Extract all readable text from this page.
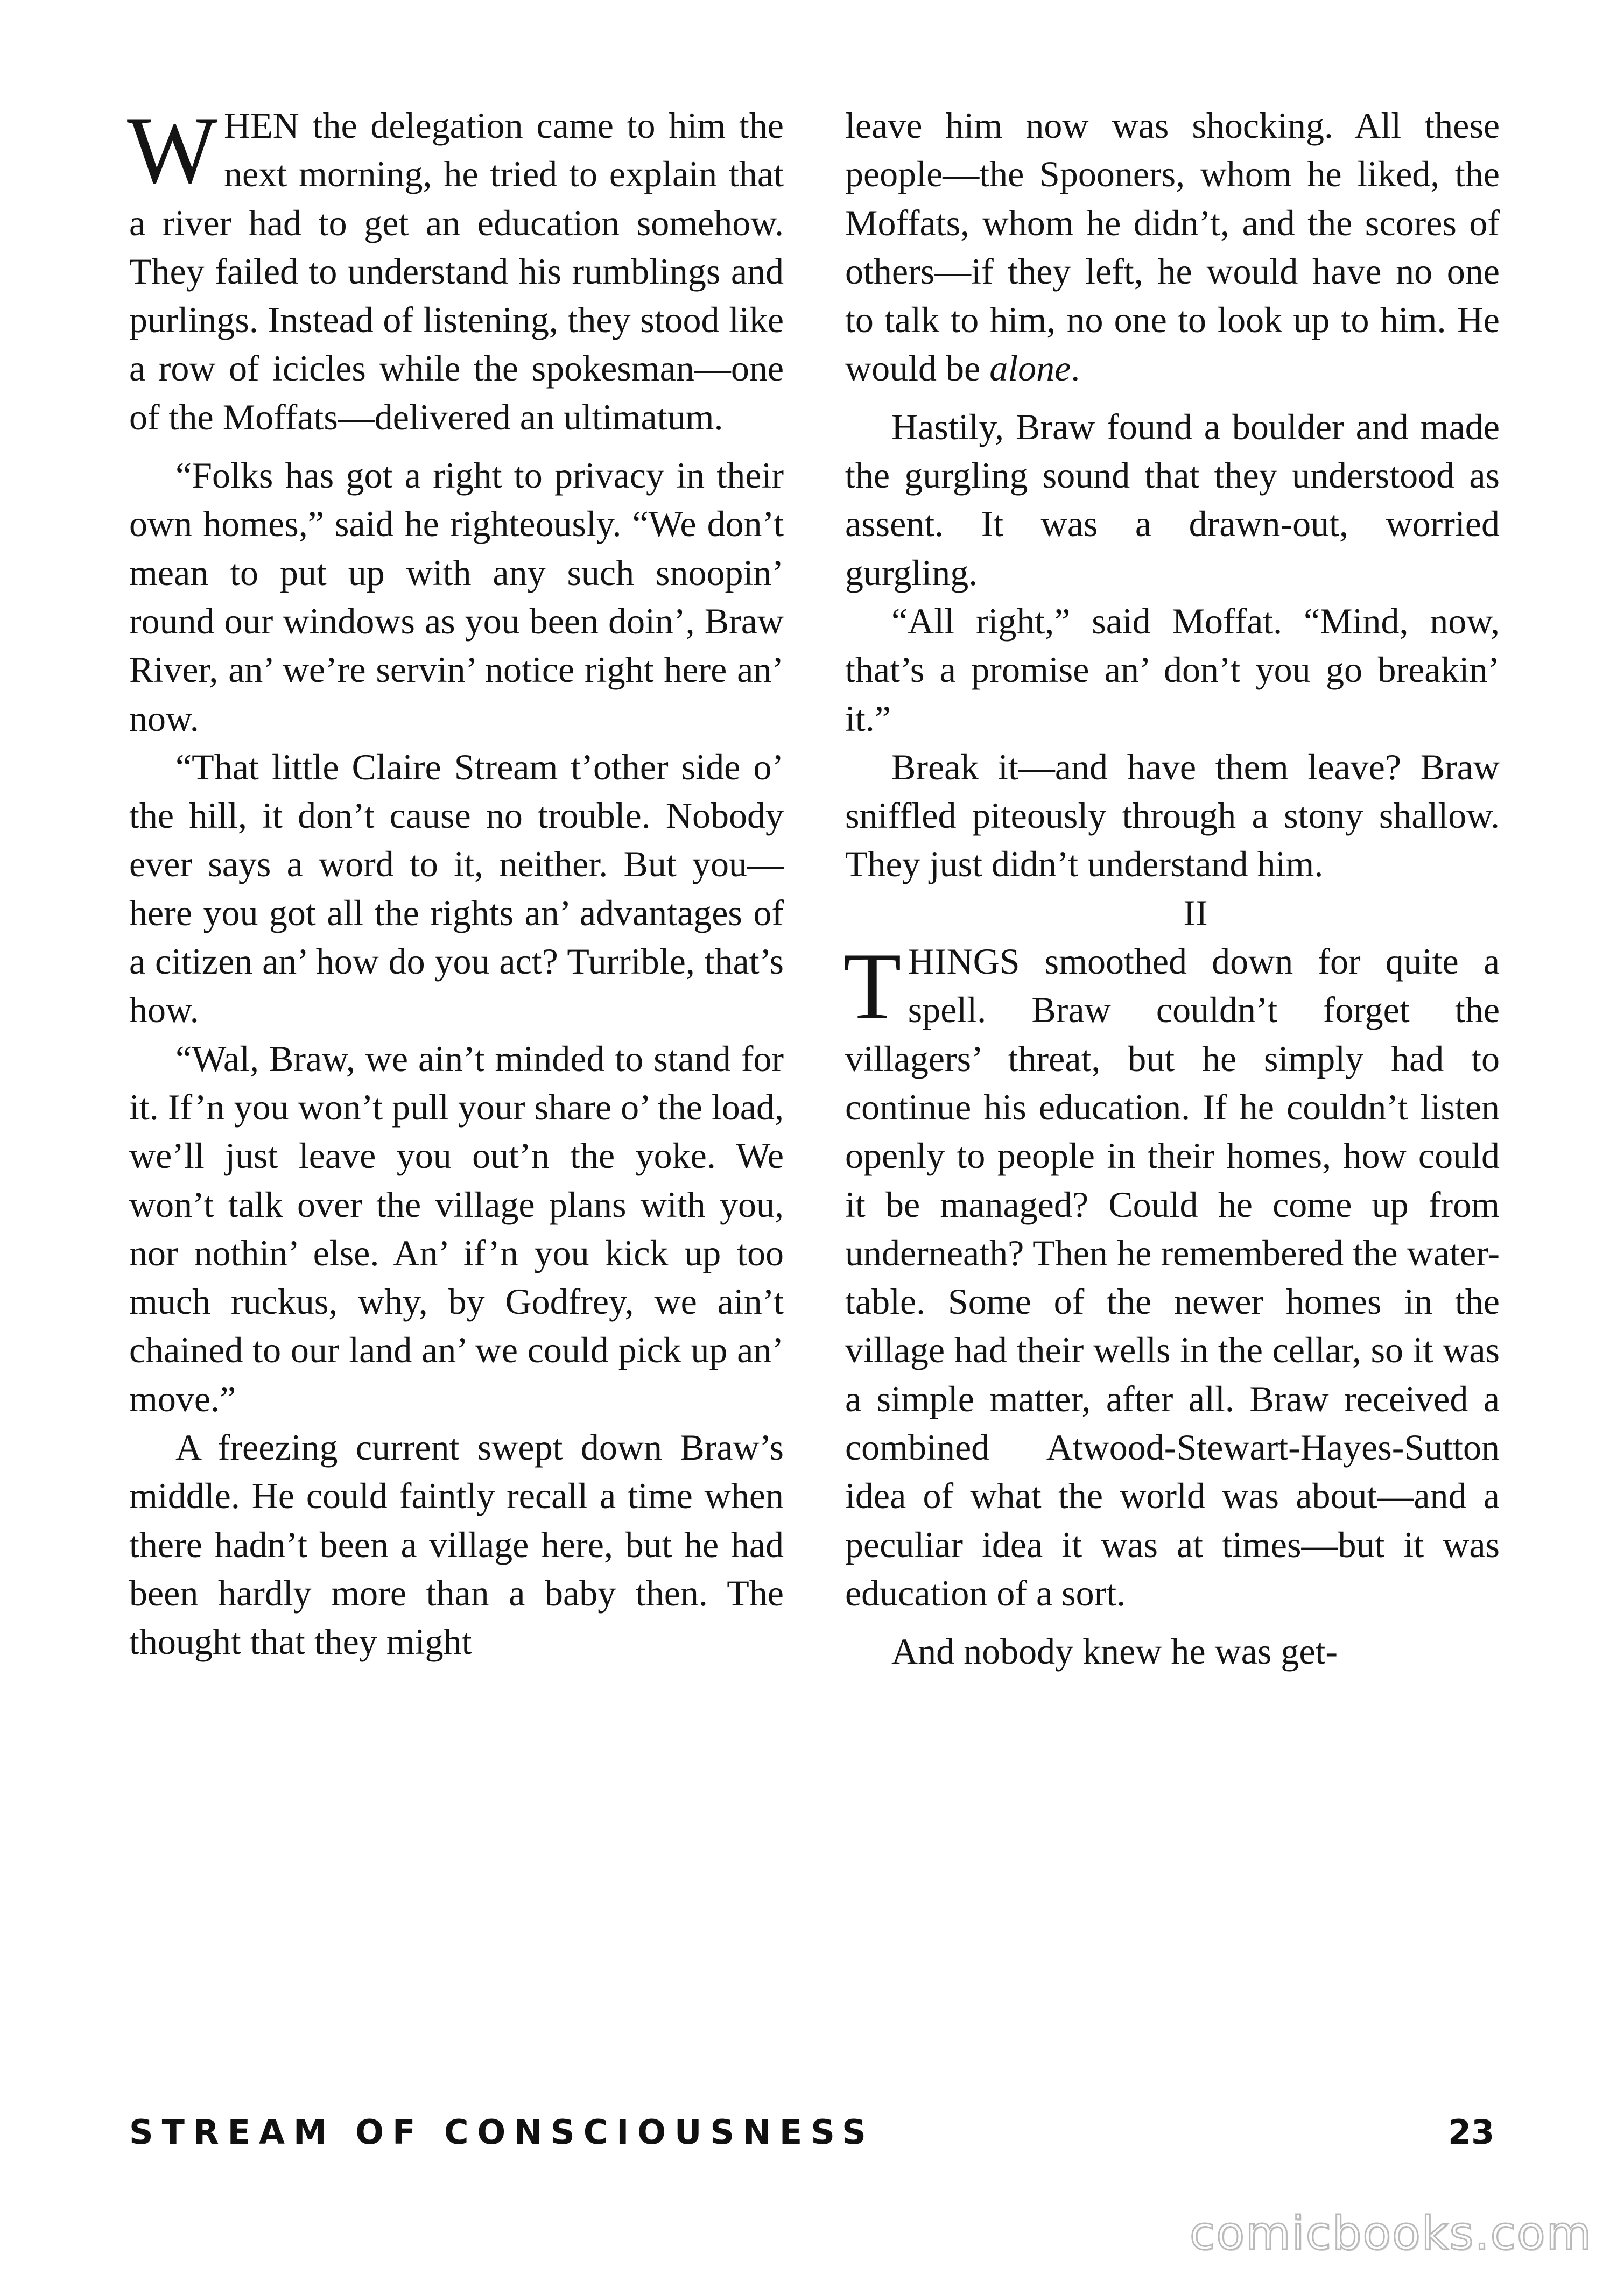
WHEN the delegation came to him the next morning, he tried to explain that a river had to get an education somehow. They failed to understand his rumblings and purlings. Instead of listening, they stood like a row of icicles while the spokesman—one of the Moffats—delivered an ultimatum.

“Folks has got a right to privacy in their own homes,” said he righteously. “We don’t mean to put up with any such snoopin’ round our windows as you been doin’, Braw River, an’ we’re servin’ notice right here an’ now.

“That little Claire Stream t’other side o’ the hill, it don’t cause no trouble. Nobody ever says a word to it, neither. But you—here you got all the rights an’ advantages of a citizen an’ how do you act? Turrible, that’s how.

“Wal, Braw, we ain’t minded to stand for it. If’n you won’t pull your share o’ the load, we’ll just leave you out’n the yoke. We won’t talk over the village plans with you, nor nothin’ else. An’ if’n you kick up too much ruckus, why, by Godfrey, we ain’t chained to our land an’ we could pick up an’ move.”

A freezing current swept down Braw’s middle. He could faintly recall a time when there hadn’t been a village here, but he had been hardly more than a baby then. The thought that they might

leave him now was shocking. All these people—the Spooners, whom he liked, the Moffats, whom he didn’t, and the scores of others—if they left, he would have no one to talk to him, no one to look up to him. He would be alone.

Hastily, Braw found a boulder and made the gurgling sound that they understood as assent. It was a drawn-out, worried gurgling.

“All right,” said Moffat. “Mind, now, that’s a promise an’ don’t you go breakin’ it.”

Break it—and have them leave? Braw sniffled piteously through a stony shallow. They just didn’t understand him.

II

THINGS smoothed down for quite a spell. Braw couldn’t forget the villagers’ threat, but he simply had to continue his education. If he couldn’t listen openly to people in their homes, how could it be managed? Could he come up from underneath? Then he remembered the water-table. Some of the newer homes in the village had their wells in the cellar, so it was a simple matter, after all. Braw received a combined Atwood-Stewart-Hayes-Sutton idea of what the world was about—and a peculiar idea it was at times—but it was education of a sort.

And nobody knew he was get-

STREAM OF CONSCIOUSNESS	23
comicbooks.com
